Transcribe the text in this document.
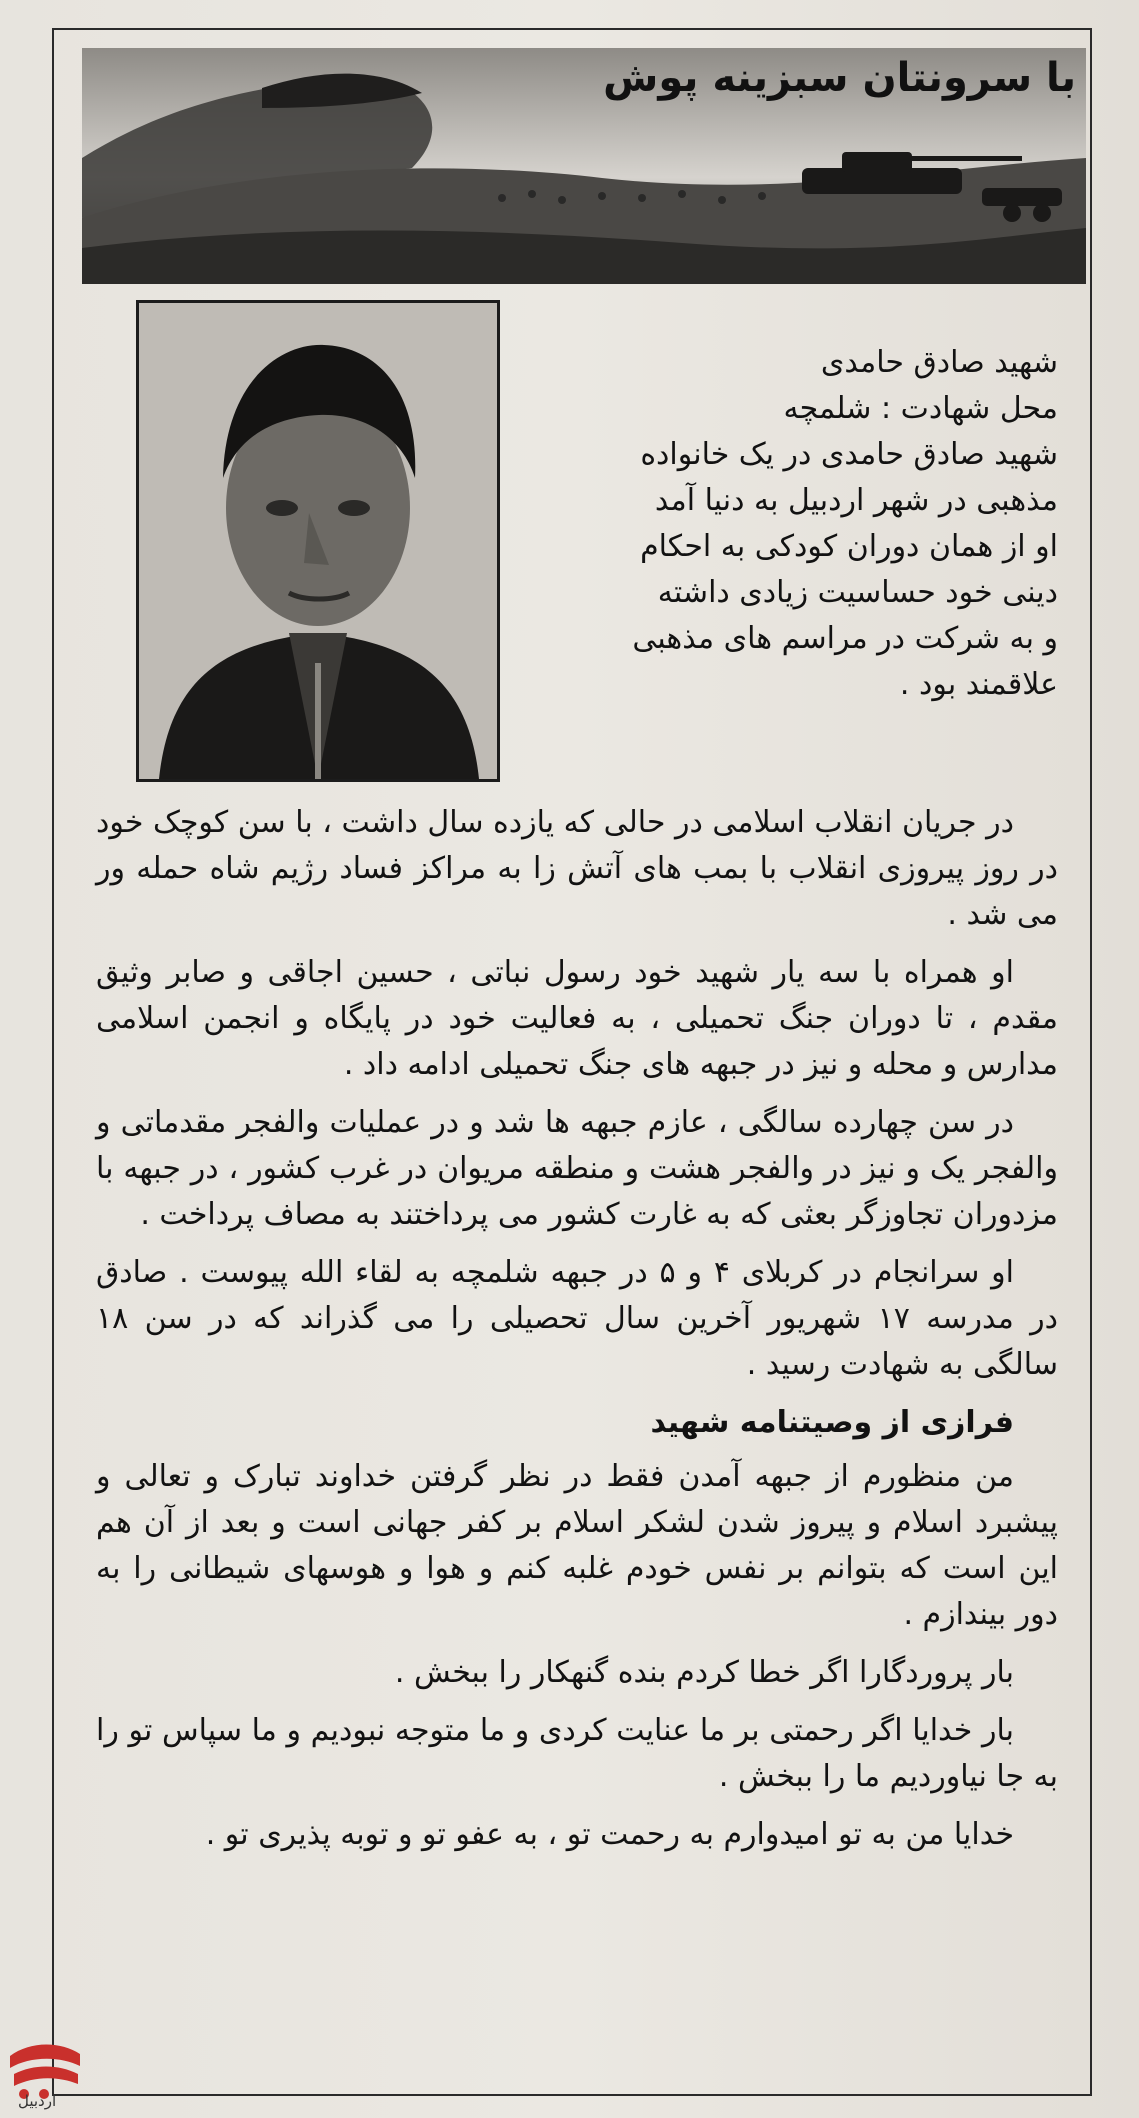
با سرونتان سبزینه پوش
شهید صادق حامدی
محل شهادت : شلمچه
شهید صادق حامدی در یک خانواده
مذهبی در شهر اردبیل به دنیا آمد
او از همان دوران کودکی به احکام
دینی خود حساسیت زیادی داشته
و به شرکت در مراسم های مذهبی
علاقمند بود .

در جریان انقلاب اسلامی در حالی که یازده سال داشت ، با سن کوچک خود در روز پیروزی انقلاب با بمب های آتش زا به مراکز فساد رژیم شاه حمله ور می شد .

او همراه با سه یار شهید خود رسول نباتی ، حسین اجاقی و صابر وثیق مقدم ، تا دوران جنگ تحمیلی ، به فعالیت خود در پایگاه و انجمن اسلامی مدارس و محله و نیز در جبهه های جنگ تحمیلی ادامه داد .

در سن چهارده سالگی ، عازم جبهه ها شد و در عملیات والفجر مقدماتی و والفجر یک و نیز در والفجر هشت و منطقه مریوان در غرب کشور ، در جبهه با مزدوران تجاوزگر بعثی که به غارت کشور می پرداختند به مصاف پرداخت .

او سرانجام در کربلای ۴ و ۵ در جبهه شلمچه به لقاء الله پیوست . صادق در مدرسه ۱۷ شهریور آخرین سال تحصیلی را می گذراند که در سن ۱۸ سالگی به شهادت رسید .

فرازی از وصیتنامه شهید

من منظورم از جبهه آمدن فقط در نظر گرفتن خداوند تبارک و تعالی و پیشبرد اسلام و پیروز شدن لشکر اسلام بر کفر جهانی است و بعد از آن هم این است که بتوانم بر نفس خودم غلبه کنم و هوا و هوسهای شیطانی را به دور بیندازم .

بار پروردگارا اگر خطا کردم بنده گنهکار را ببخش .

بار خدایا اگر رحمتی بر ما عنایت کردی و ما متوجه نبودیم و ما سپاس تو را به جا نیاوردیم ما را ببخش .

خدایا من به تو امیدوارم به رحمت تو ، به عفو تو و توبه پذیری تو .

اردبیل
